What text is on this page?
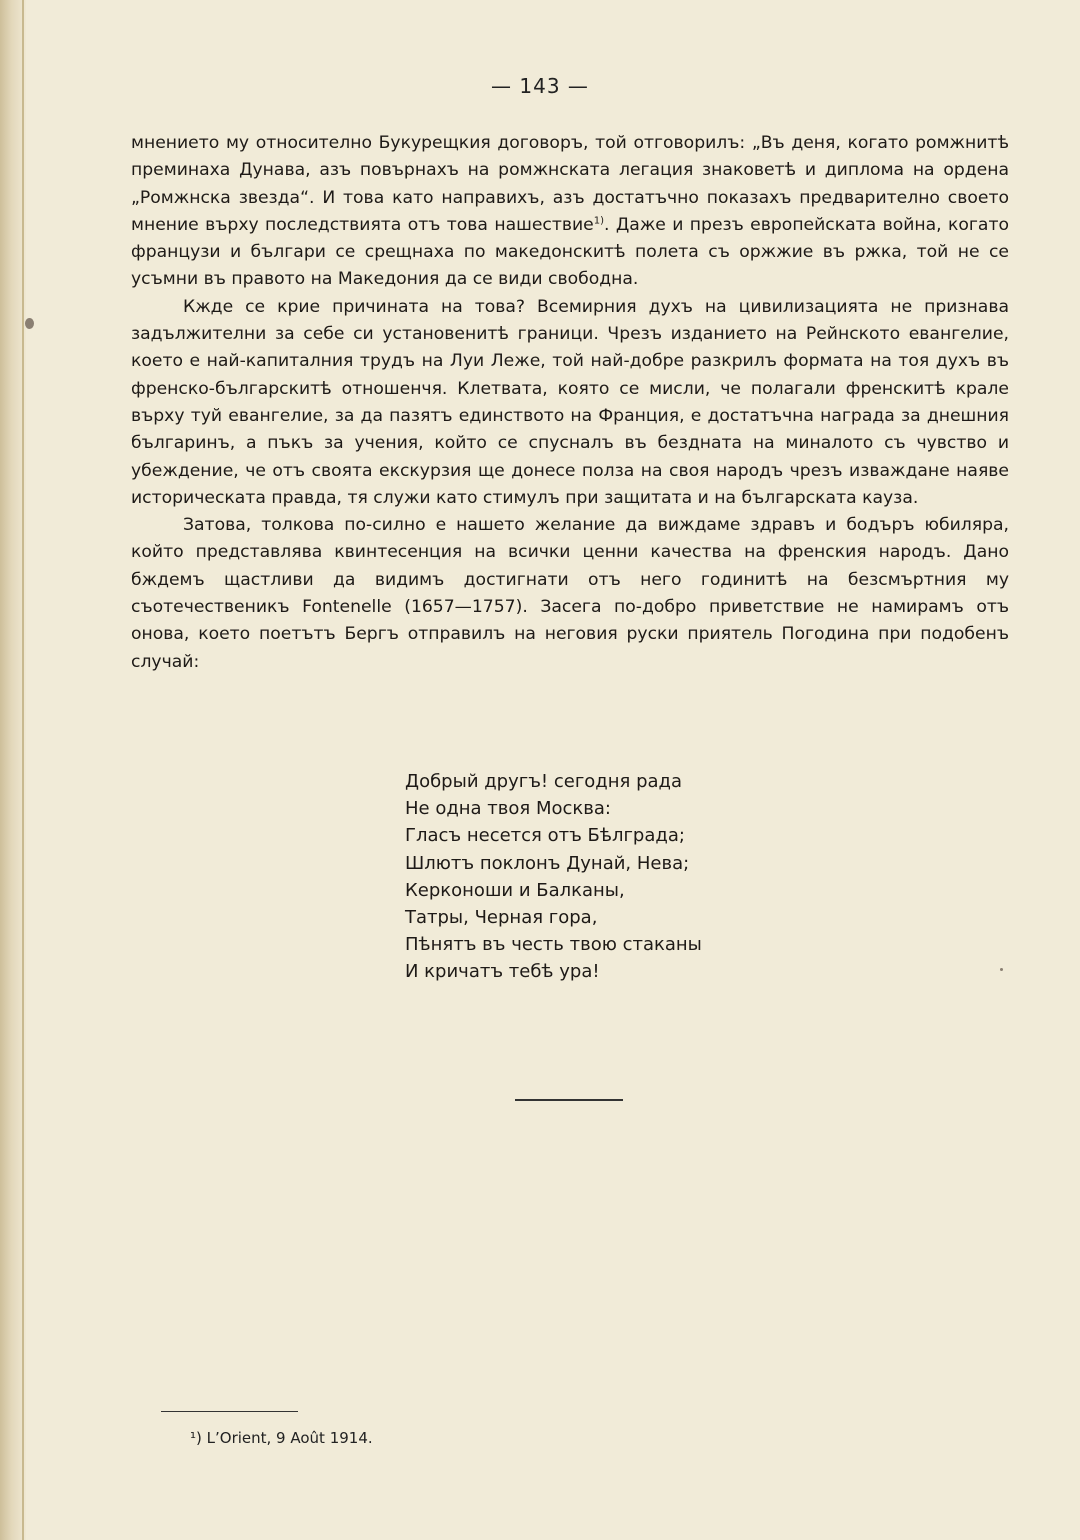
— 143 —

мнението му относително Букурещкия договоръ, той отговорилъ: „Въ деня, когато ромжнитѣ преминаха Дунава, азъ повърнахъ на ромжнската легация знаковетѣ и диплома на ордена „Ромжнска звезда“. И това като направихъ, азъ достатъчно показахъ предварително своето мнение върху последствията отъ това нашествие$^{1)}$. Даже и презъ европейската война, когато французи и българи се срещнаха по македонскитѣ полета съ оржжие въ ржка, той не се усъмни въ правото на Македония да се види свободна.

Кжде се крие причината на това? Всемирния духъ на цивилизацията не признава задължителни за себе си установенитѣ граници. Чрезъ изданието на Рейнското евангелие, което е най-капиталния трудъ на Луи Леже, той най-добре разкрилъ формата на тоя духъ въ френско-българскитѣ отношенчя. Клетвата, която се мисли, че полагали френскитѣ крале върху туй евангелие, за да пазятъ единството на Франция, е достатъчна награда за днешния българинъ, а пъкъ за учения, който се спусналъ въ бездната на миналото съ чувство и убеждение, че отъ своята екскурзия ще донесе полза на своя народъ чрезъ изваждане наяве историческата правда, тя служи като стимулъ при защитата и на българската кауза.

Затова, толкова по-силно е нашето желание да виждаме здравъ и бодъръ юбиляра, който представлява квинтесенция на всички ценни качества на френския народъ. Дано бждемъ щастливи да видимъ достигнати отъ него годинитѣ на безсмъртния му съотечественикъ Fontenelle (1657—1757). Засега по-добро приветствие не намирамъ отъ онова, което поетътъ Бергъ отправилъ на неговия руски приятель Погодина при подобенъ случай:

Добрый другъ! сегодня рада
Не одна твоя Москва:
Гласъ несется отъ Бѣлграда;
Шлютъ поклонъ Дунай, Нева;
Керконоши и Балканы,
Татры, Черная гора,
Пѣнятъ въ честь твою стаканы
И кричатъ тебѣ ура!
¹) L’Orient, 9 Août 1914.
